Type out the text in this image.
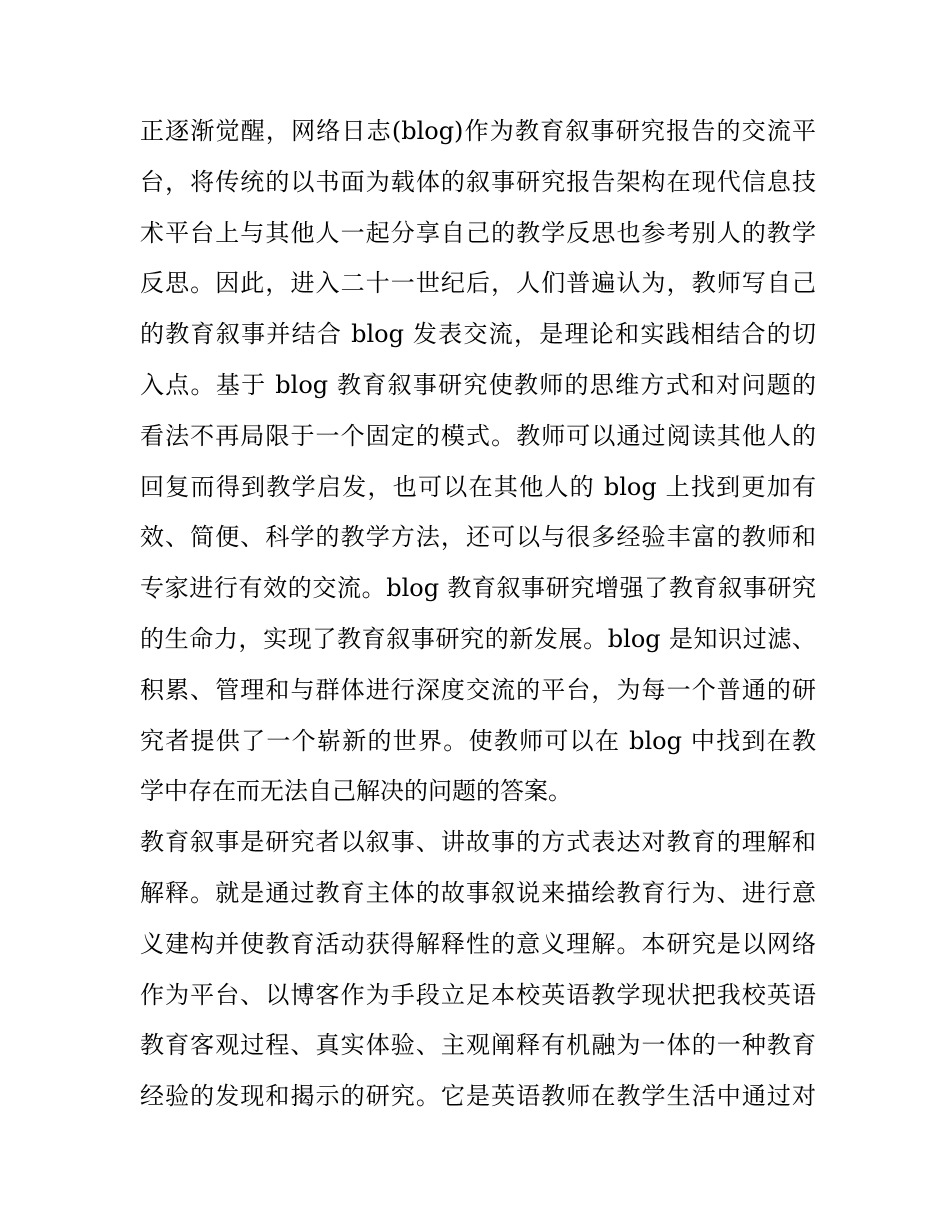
正逐渐觉醒，网络日志(blog)作为教育叙事研究报告的交流平
台，将传统的以书面为载体的叙事研究报告架构在现代信息技
术平台上与其他人一起分享自己的教学反思也参考别人的教学
反思。因此，进入二十一世纪后，人们普遍认为，教师写自己
的教育叙事并结合 blog 发表交流，是理论和实践相结合的切
入点。基于 blog 教育叙事研究使教师的思维方式和对问题的
看法不再局限于一个固定的模式。教师可以通过阅读其他人的
回复而得到教学启发，也可以在其他人的 blog 上找到更加有
效、简便、科学的教学方法，还可以与很多经验丰富的教师和
专家进行有效的交流。blog 教育叙事研究增强了教育叙事研究
的生命力，实现了教育叙事研究的新发展。blog 是知识过滤、
积累、管理和与群体进行深度交流的平台，为每一个普通的研
究者提供了一个崭新的世界。使教师可以在 blog 中找到在教
学中存在而无法自己解决的问题的答案。
教育叙事是研究者以叙事、讲故事的方式表达对教育的理解和
解释。就是通过教育主体的故事叙说来描绘教育行为、进行意
义建构并使教育活动获得解释性的意义理解。本研究是以网络
作为平台、以博客作为手段立足本校英语教学现状把我校英语
教育客观过程、真实体验、主观阐释有机融为一体的一种教育
经验的发现和揭示的研究。它是英语教师在教学生活中通过对
